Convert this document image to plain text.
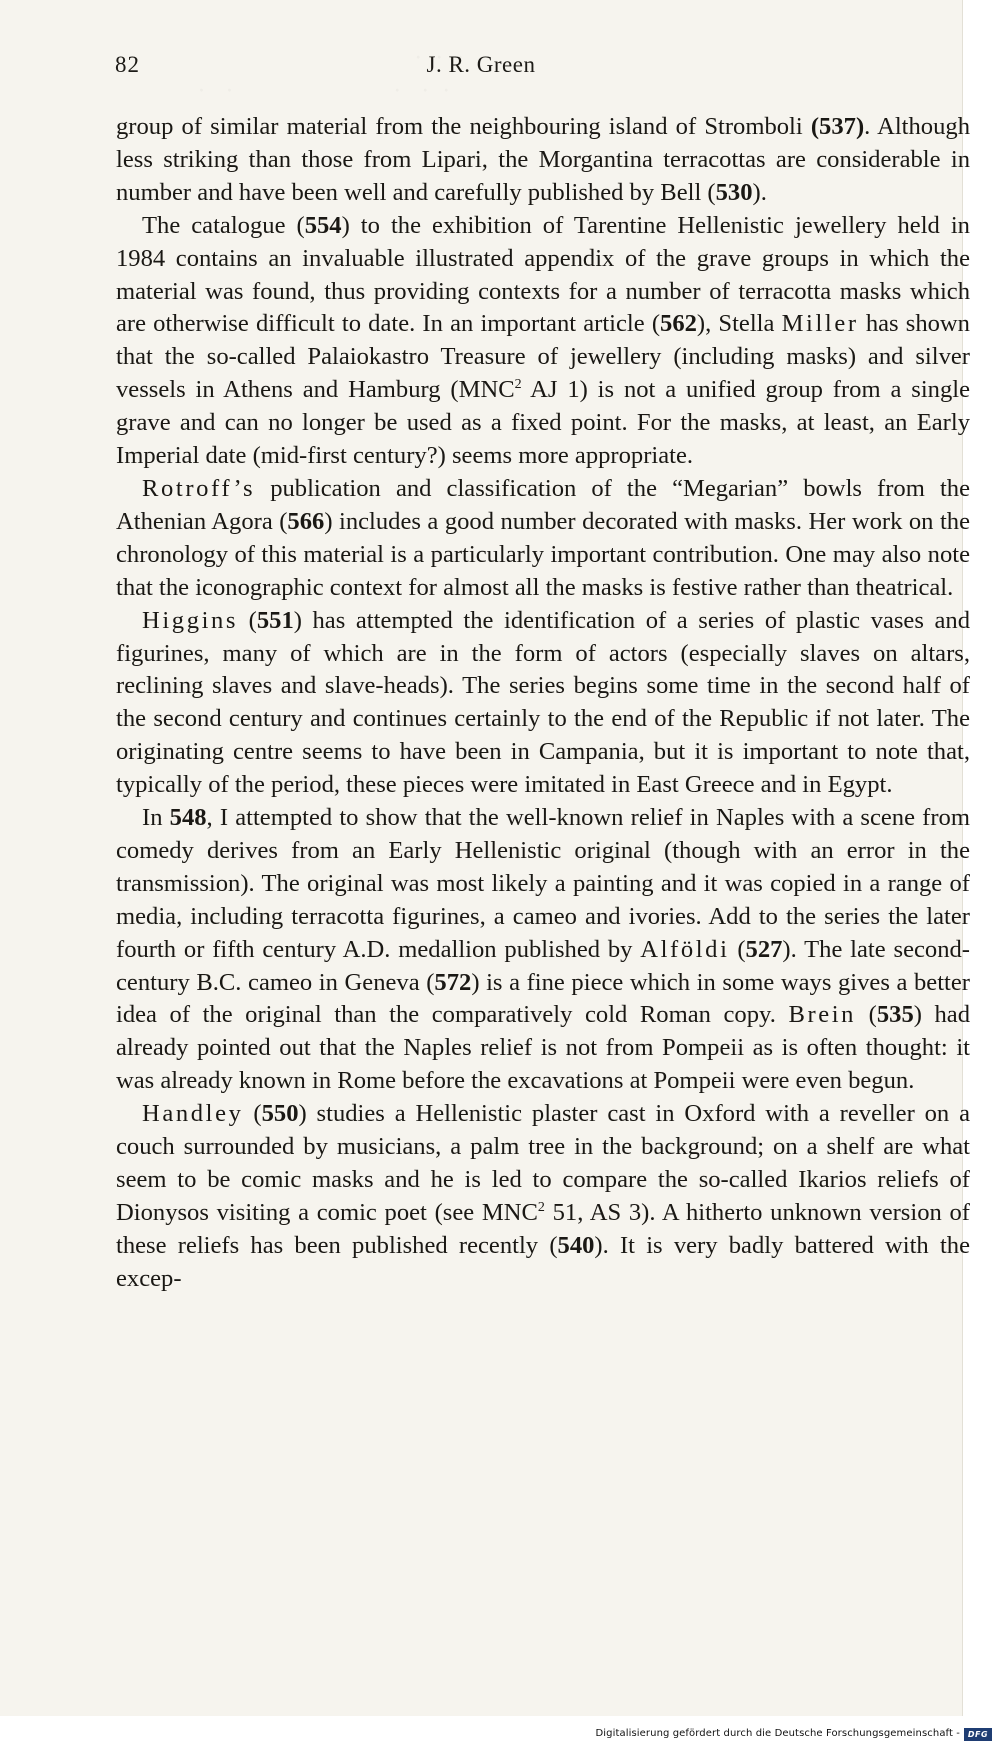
82	J. R. Green

group of similar material from the neighbouring island of Stromboli (537). Although less striking than those from Lipari, the Morgantina terracottas are considerable in number and have been well and carefully published by Bell (530).

The catalogue (554) to the exhibition of Tarentine Hellenistic jewellery held in 1984 contains an invaluable illustrated appendix of the grave groups in which the material was found, thus providing contexts for a number of terracotta masks which are otherwise difficult to date. In an important article (562), Stella Miller has shown that the so-called Palaiokastro Treasure of jewellery (including masks) and silver vessels in Athens and Hamburg (MNC$^2$ AJ 1) is not a unified group from a single grave and can no longer be used as a fixed point. For the masks, at least, an Early Imperial date (mid-first century?) seems more appropriate.

Rotroff’s publication and classification of the “Megarian” bowls from the Athenian Agora (566) includes a good number decorated with masks. Her work on the chronology of this material is a particularly important contribution. One may also note that the iconographic context for almost all the masks is festive rather than theatrical.

Higgins (551) has attempted the identification of a series of plastic vases and figurines, many of which are in the form of actors (especially slaves on altars, reclining slaves and slave-heads). The series begins some time in the second half of the second century and continues certainly to the end of the Republic if not later. The originating centre seems to have been in Campania, but it is important to note that, typically of the period, these pieces were imitated in East Greece and in Egypt.

In 548, I attempted to show that the well-known relief in Naples with a scene from comedy derives from an Early Hellenistic original (though with an error in the transmission). The original was most likely a painting and it was copied in a range of media, including terracotta figurines, a cameo and ivories. Add to the series the later fourth or fifth century A.D. medallion published by Alföldi (527). The late second-century B.C. cameo in Geneva (572) is a fine piece which in some ways gives a better idea of the original than the comparatively cold Roman copy. Brein (535) had already pointed out that the Naples relief is not from Pompeii as is often thought: it was already known in Rome before the excavations at Pompeii were even begun.

Handley (550) studies a Hellenistic plaster cast in Oxford with a reveller on a couch surrounded by musicians, a palm tree in the background; on a shelf are what seem to be comic masks and he is led to compare the so-called Ikarios reliefs of Dionysos visiting a comic poet (see MNC$^2$ 51, AS 3). A hitherto unknown version of these reliefs has been published recently (540). It is very badly battered with the excep-

Digitalisierung gefördert durch die Deutsche Forschungsgemeinschaft - DFG
